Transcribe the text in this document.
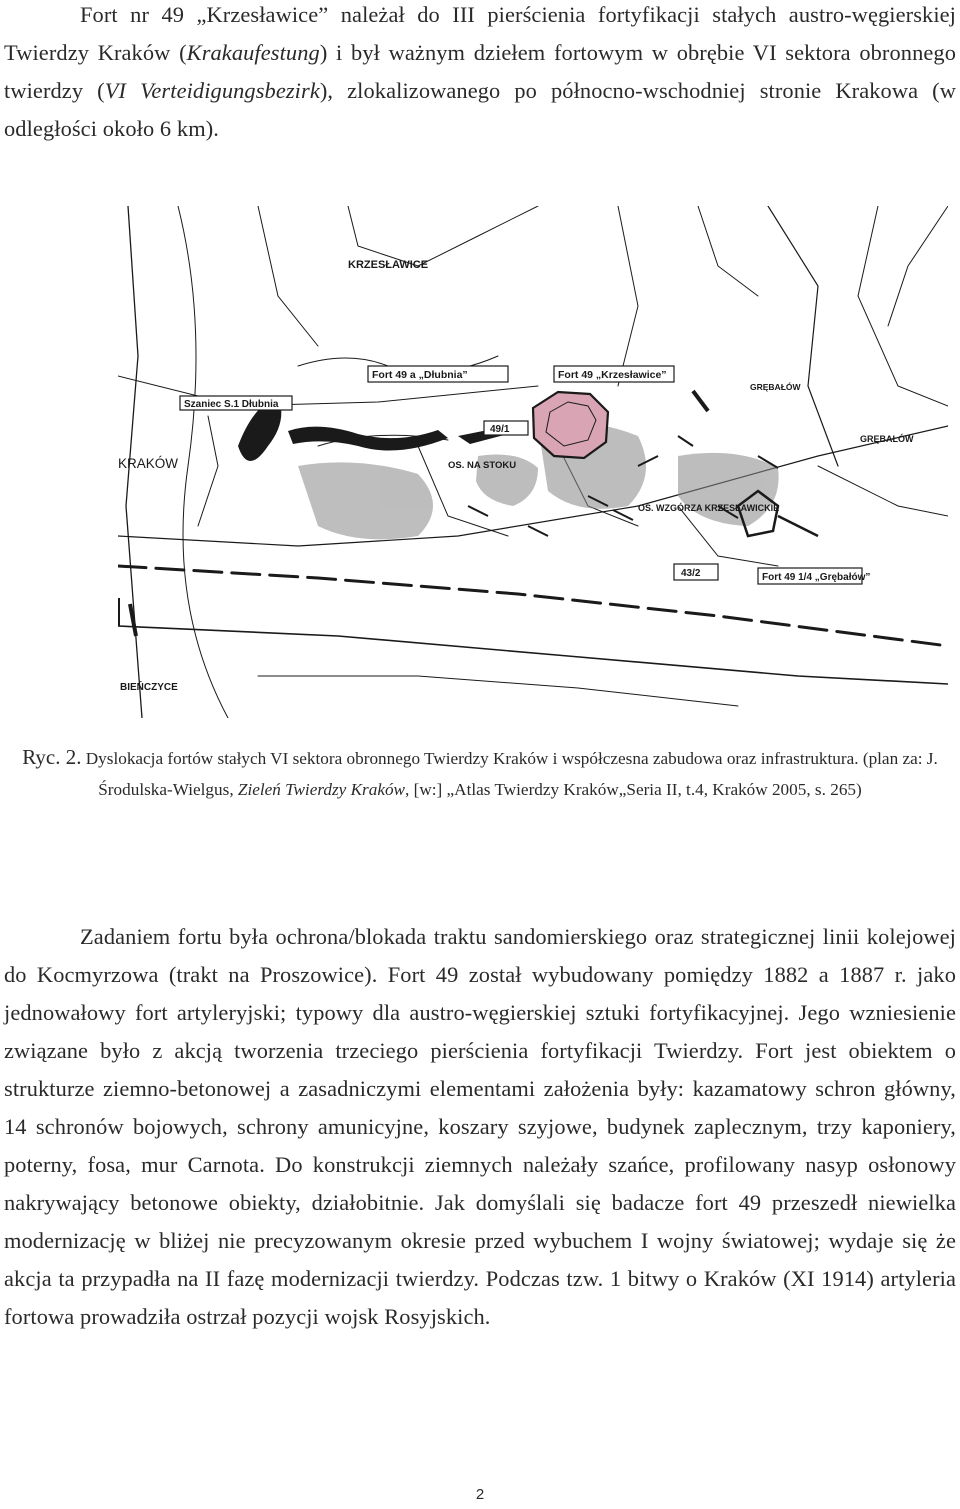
Fort nr 49 „Krzesławice” należał do III pierścienia fortyfikacji stałych austro-węgierskiej Twierdzy Kraków (Krakaufestung) i był ważnym dziełem fortowym w obrębie VI sektora obronnego twierdzy (VI Verteidigungsbezirk), zlokalizowanego po północno-wschodniej stronie Krakowa (w odległości około 6 km).

KRZESŁAWICE
Fort 49 a „Dłubnia”	Fort 49 „Krzesławice”
Szaniec S.1 Dłubnia
49/1
KRAKÓW	OS. NA STOKU
OS. WZGÓRZA KRZESŁAWICKIE
43/2	Fort 49 1/4 „Grębałów”
GRĘBAŁÓW
GRĘBAŁÓW
BIEŃCZYCE

Ryc. 2. Dyslokacja fortów stałych VI sektora obronnego Twierdzy Kraków i współczesna zabudowa oraz infrastruktura. (plan za: J. Środulska-Wielgus, Zieleń Twierdzy Kraków, [w:] „Atlas Twierdzy Kraków„Seria II, t.4, Kraków 2005, s. 265)

Zadaniem fortu była ochrona/blokada traktu sandomierskiego oraz strategicznej linii kolejowej do Kocmyrzowa (trakt na Proszowice). Fort 49 został wybudowany pomiędzy 1882 a 1887 r. jako jednowałowy fort artyleryjski; typowy dla austro-węgierskiej sztuki fortyfikacyjnej. Jego wzniesienie związane było z akcją tworzenia trzeciego pierścienia fortyfikacji Twierdzy. Fort jest obiektem o strukturze ziemno-betonowej a zasadniczymi elementami założenia były: kazamatowy schron główny, 14 schronów bojowych, schrony amunicyjne, koszary szyjowe, budynek zaplecznym, trzy kaponiery, poterny, fosa, mur Carnota. Do konstrukcji ziemnych należały szańce, profilowany nasyp osłonowy nakrywający betonowe obiekty, działobitnie. Jak domyślali się badacze fort 49 przeszedł niewielka modernizację w bliżej nie precyzowanym okresie przed wybuchem I wojny światowej; wydaje się że akcja ta przypadła na II fazę modernizacji twierdzy. Podczas tzw. 1 bitwy o Kraków (XI 1914) artyleria fortowa prowadziła ostrzał pozycji wojsk Rosyjskich.

2
